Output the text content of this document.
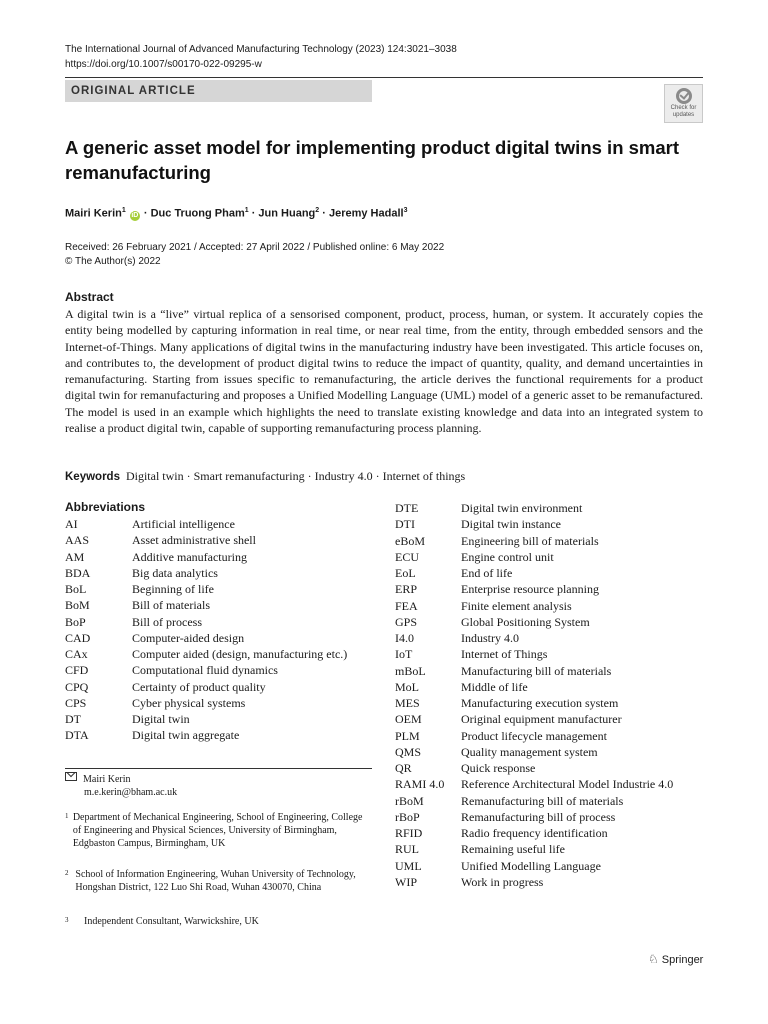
The International Journal of Advanced Manufacturing Technology (2023) 124:3021–3038
https://doi.org/10.1007/s00170-022-09295-w
ORIGINAL ARTICLE
Check for updates
A generic asset model for implementing product digital twins in smart remanufacturing
Mairi Kerin$^1$ iD · Duc Truong Pham$^1$ · Jun Huang$^2$ · Jeremy Hadall$^3$
Received: 26 February 2021 / Accepted: 27 April 2022 / Published online: 6 May 2022
© The Author(s) 2022
Abstract
A digital twin is a “live” virtual replica of a sensorised component, product, process, human, or system. It accurately copies the entity being modelled by capturing information in real time, or near real time, from the entity, through embedded sensors and the Internet-of-Things. Many applications of digital twins in the manufacturing industry have been investigated. This article focuses on, and contributes to, the development of product digital twins to reduce the impact of quantity, quality, and demand uncertainties in remanufacturing. Starting from issues specific to remanufacturing, the article derives the functional requirements for a product digital twin for remanufacturing and proposes a Unified Modelling Language (UML) model of a generic asset to be remanufactured. The model is used in an example which highlights the need to translate existing knowledge and data into an integrated system to realise a product digital twin, capable of supporting remanufacturing process planning.
Keywords Digital twin · Smart remanufacturing · Industry 4.0 · Internet of things
Abbreviations
AI	Artificial intelligence
AAS	Asset administrative shell
AM	Additive manufacturing
BDA	Big data analytics
BoL	Beginning of life
BoM	Bill of materials
BoP	Bill of process
CAD	Computer-aided design
CAx	Computer aided (design, manufacturing etc.)
CFD	Computational fluid dynamics
CPQ	Certainty of product quality
CPS	Cyber physical systems
DT	Digital twin
DTA	Digital twin aggregate
DTE	Digital twin environment
DTI	Digital twin instance
eBoM	Engineering bill of materials
ECU	Engine control unit
EoL	End of life
ERP	Enterprise resource planning
FEA	Finite element analysis
GPS	Global Positioning System
I4.0	Industry 4.0
IoT	Internet of Things
mBoL	Manufacturing bill of materials
MoL	Middle of life
MES	Manufacturing execution system
OEM	Original equipment manufacturer
PLM	Product lifecycle management
QMS	Quality management system
QR	Quick response
RAMI 4.0	Reference Architectural Model Industrie 4.0
rBoM	Remanufacturing bill of materials
rBoP	Remanufacturing bill of process
RFID	Radio frequency identification
RUL	Remaining useful life
UML	Unified Modelling Language
WIP	Work in progress
Mairi Kerin
m.e.kerin@bham.ac.uk
1 Department of Mechanical Engineering, School of Engineering, College of Engineering and Physical Sciences, University of Birmingham, Edgbaston Campus, Birmingham, UK
2 School of Information Engineering, Wuhan University of Technology, Hongshan District, 122 Luo Shi Road, Wuhan 430070, China
3	Independent Consultant, Warwickshire, UK
♘ Springer
